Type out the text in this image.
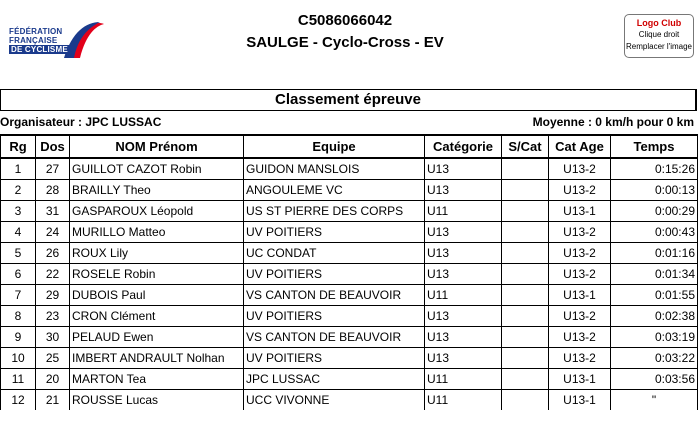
FÉDÉRATION
FRANÇAISE
DE CYCLISME
C5086066042
SAULGE - Cyclo-Cross - EV
Logo Club
Clique droit
Remplacer l'image
Classement épreuve
Organisateur : JPC LUSSAC	Moyenne : 0 km/h pour 0 km
Rg	Dos	NOM Prénom	Equipe	Catégorie	S/Cat	Cat Age	Temps
1	27	GUILLOT CAZOT Robin	GUIDON MANSLOIS	U13		U13-2	0:15:26
2	28	BRAILLY Theo	ANGOULEME VC	U13		U13-2	0:00:13
3	31	GASPAROUX Léopold	US ST PIERRE DES CORPS	U11		U13-1	0:00:29
4	24	MURILLO Matteo	UV POITIERS	U13		U13-2	0:00:43
5	26	ROUX Lily	UC CONDAT	U13		U13-2	0:01:16
6	22	ROSELE Robin	UV POITIERS	U13		U13-2	0:01:34
7	29	DUBOIS Paul	VS CANTON DE BEAUVOIR	U11		U13-1	0:01:55
8	23	CRON Clément	UV POITIERS	U13		U13-2	0:02:38
9	30	PELAUD Ewen	VS CANTON DE BEAUVOIR	U13		U13-2	0:03:19
10	25	IMBERT ANDRAULT Nolhan	UV POITIERS	U13		U13-2	0:03:22
11	20	MARTON Tea	JPC LUSSAC	U11		U13-1	0:03:56
12	21	ROUSSE Lucas	UCC VIVONNE	U11		U13-1	"
